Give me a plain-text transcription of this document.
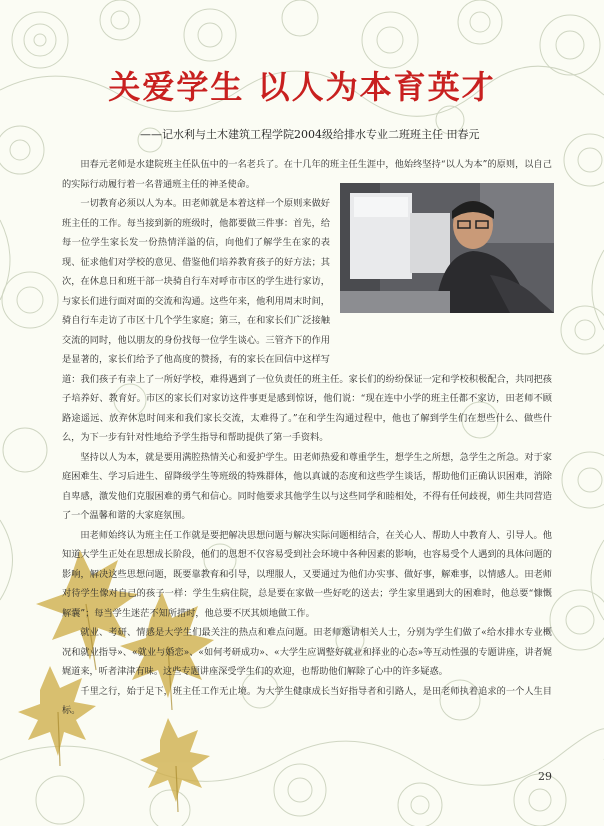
关爱学生 以人为本育英才
——记水利与土木建筑工程学院2004级给排水专业二班班主任 田春元

田春元老师是水建院班主任队伍中的一名老兵了。在十几年的班主任生涯中，他始终坚持“以人为本”的原则，以自己的实际行动履行着一名普通班主任的神圣使命。

一切教育必须以人为本。田老师就是本着这样一个原则来做好班主任的工作。每当接到新的班级时，他都要做三件事：首先，给每一位学生家长发一份热情洋溢的信，向他们了解学生在家的表现、征求他们对学校的意见、借鉴他们培养教育孩子的好方法；其次，在休息日和班干部一块骑自行车对呼市市区的学生进行家访，与家长们进行面对面的交流和沟通。这些年来，他利用周末时间，骑自行车走访了市区十几个学生家庭；第三，在和家长们广泛接触交流的同时，他以朋友的身份找每一位学生谈心。三管齐下的作用是显著的，家长们给予了他高度的赞扬，有的家长在回信中这样写道：我们孩子有幸上了一所好学校，难得遇到了一位负责任的班主任。家长们的纷纷保证一定和学校积极配合，共同把孩子培养好、教育好。市区的家长们对家访这件事更是感到惊讶，他们说：“现在连中小学的班主任都不家访，田老师不顾路途遥远、放弃休息时间来和我们家长交流，太难得了。”在和学生沟通过程中，他也了解到学生们在想些什么、做些什么，为下一步有针对性地给予学生指导和帮助提供了第一手资料。

坚持以人为本，就是要用满腔热情关心和爱护学生。田老师热爱和尊重学生，想学生之所想，急学生之所急。对于家庭困难生、学习后进生、留降级学生等班级的特殊群体，他以真诚的态度和这些学生谈话，帮助他们正确认识困难，消除自卑感，激发他们克服困难的勇气和信心。同时他要求其他学生以与这些同学和睦相处，不得有任何歧视，师生共同营造了一个温馨和谐的大家庭氛围。

田老师始终认为班主任工作就是要把解决思想问题与解决实际问题相结合，在关心人、帮助人中教育人、引导人。他知道大学生正处在思想成长阶段，他们的思想不仅容易受到社会环境中各种因素的影响，也容易受个人遇到的具体问题的影响，解决这些思想问题，既要靠教育和引导，以理服人，又要通过为他们办实事、做好事，解难事，以情感人。田老师对待学生像对自己的孩子一样：学生生病住院，总是要在家做一些好吃的送去；学生家里遇到大的困难时，他总要“慷慨解囊”；每当学生迷茫不知所措时，他总要不厌其烦地做工作。

就业、考研、情感是大学生们最关注的热点和难点问题。田老师邀请相关人士，分别为学生们做了«给水排水专业概况和就业指导»、«就业与婚恋»、«如何考研成功»、«大学生应调整好就业和择业的心态»等互动性强的专题讲座，讲者娓娓道来，听者津津有味。这些专题讲座深受学生们的欢迎，也帮助他们解除了心中的许多疑惑。

千里之行，始于足下，班主任工作无止境。为大学生健康成长当好指导者和引路人，是田老师执着追求的一个人生目标。

29
